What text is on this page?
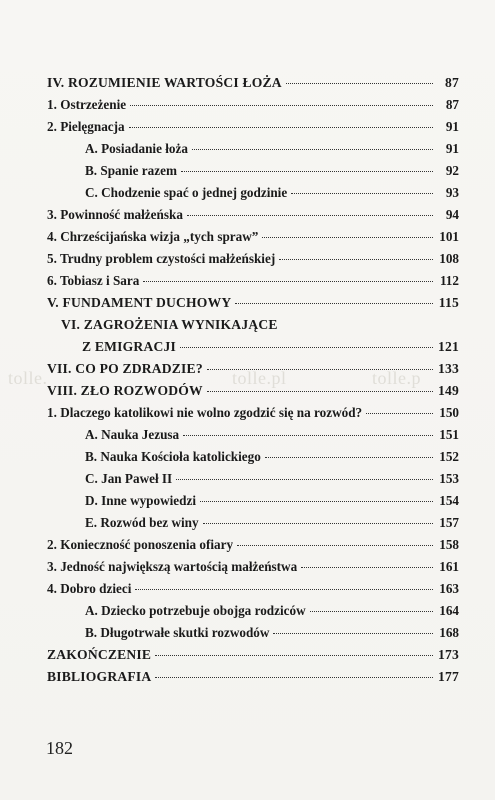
tolle.	tolle.pl	tolle.p
IV. ROZUMIENIE WARTOŚCI ŁOŻA	87
1. Ostrzeżenie	87
2. Pielęgnacja	91
A. Posiadanie łoża	91
B. Spanie razem	92
C. Chodzenie spać o jednej godzinie	93
3. Powinność małżeńska	94
4. Chrześcijańska wizja „tych spraw”	101
5. Trudny problem czystości małżeńskiej	108
6. Tobiasz i Sara	112
V. FUNDAMENT DUCHOWY	115
VI. ZAGROŻENIA WYNIKAJĄCE
Z EMIGRACJI	121
VII. CO PO ZDRADZIE?	133
VIII. ZŁO ROZWODÓW	149
1. Dlaczego katolikowi nie wolno zgodzić się na rozwód?	150
A. Nauka Jezusa	151
B. Nauka Kościoła katolickiego	152
C. Jan Paweł II	153
D. Inne wypowiedzi	154
E. Rozwód bez winy	157
2. Konieczność ponoszenia ofiary	158
3. Jedność największą wartością małżeństwa	161
4. Dobro dzieci	163
A. Dziecko potrzebuje obojga rodziców	164
B. Długotrwałe skutki rozwodów	168
ZAKOŃCZENIE	173
BIBLIOGRAFIA	177
182
